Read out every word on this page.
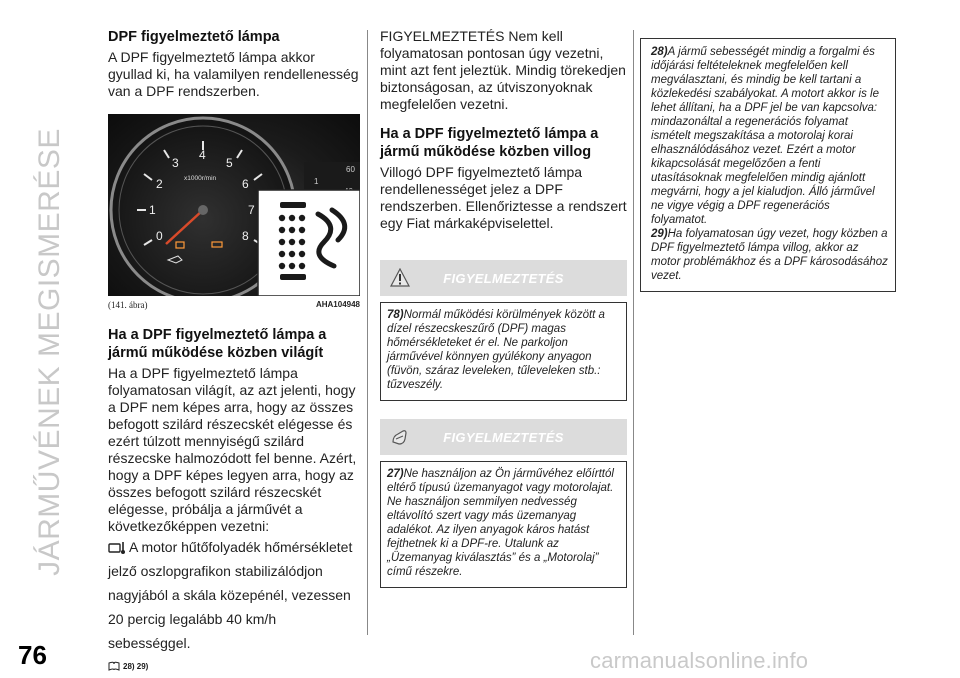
JÁRMŰVÉNEK MEGISMERÉSE
DPF figyelmeztető lámpa

A DPF figyelmeztető lámpa akkor gyullad ki, ha valamilyen rendellenesség van a DPF rendszerben.

0
1
2
3
4
5
6
7
8
x1000r/min	1
60
(141. ábra)	AHA104948
Ha a DPF figyelmeztető lámpa a jármű működése közben világít

Ha a DPF figyelmeztető lámpa folyamatosan világít, az azt jelenti, hogy a DPF nem képes arra, hogy az összes befogott szilárd részecskét elégesse és ezért túlzott mennyiségű szilárd részecske halmozódott fel benne. Azért, hogy a DPF képes legyen arra, hogy az összes befogott szilárd részecskét elégesse, próbálja a járművét a következőképpen vezetni:

A motor hűtőfolyadék hőmérsékletet jelző oszlopgrafikon stabilizálódjon nagyjából a skála közepénél, vezessen 20 percig legalább 40 km/h sebességgel.

28) 29)

FIGYELMEZTETÉS Nem kell folyamatosan pontosan úgy vezetni, mint azt fent jeleztük. Mindig törekedjen biztonságosan, az útviszonyoknak megfelelően vezetni.

Ha a DPF figyelmeztető lámpa a jármű működése közben villog

Villogó DPF figyelmeztető lámpa rendellenességet jelez a DPF rendszerben. Ellenőriztesse a rendszert egy Fiat márkaképviselettel.

FIGYELMEZTETÉS
78)Normál működési körülmények között a dízel részecskeszűrő (DPF) magas hőmérsékleteket ér el. Ne parkoljon járművével könnyen gyúlékony anyagon (füvön, száraz leveleken, tűleveleken stb.: tűzveszély.
FIGYELMEZTETÉS
27)Ne használjon az Ön járművéhez előírttól eltérő típusú üzemanyagot vagy motorolajat. Ne használjon semmilyen nedvesség eltávolító szert vagy más üzemanyag adalékot. Az ilyen anyagok káros hatást fejthetnek ki a DPF-re. Utalunk az „Üzemanyag kiválasztás” és a „Motorolaj” című részekre.
28)A jármű sebességét mindig a forgalmi és időjárási feltételeknek megfelelően kell megválasztani, és mindig be kell tartani a közlekedési szabályokat. A motort akkor is le lehet állítani, ha a DPF jel be van kapcsolva: mindazonáltal a regenerációs folyamat ismételt megszakítása a motorolaj korai elhasználódásához vezet. Ezért a motor kikapcsolását megelőzően a fenti utasításoknak megfelelően mindig ajánlott megvárni, hogy a jel kialudjon. Álló járművel ne vigye végig a DPF regenerációs folyamatot.
29)Ha folyamatosan úgy vezet, hogy közben a DPF figyelmeztető lámpa villog, akkor az motor problémákhoz és a DPF károsodásához vezet.
76	carmanualsonline.info
